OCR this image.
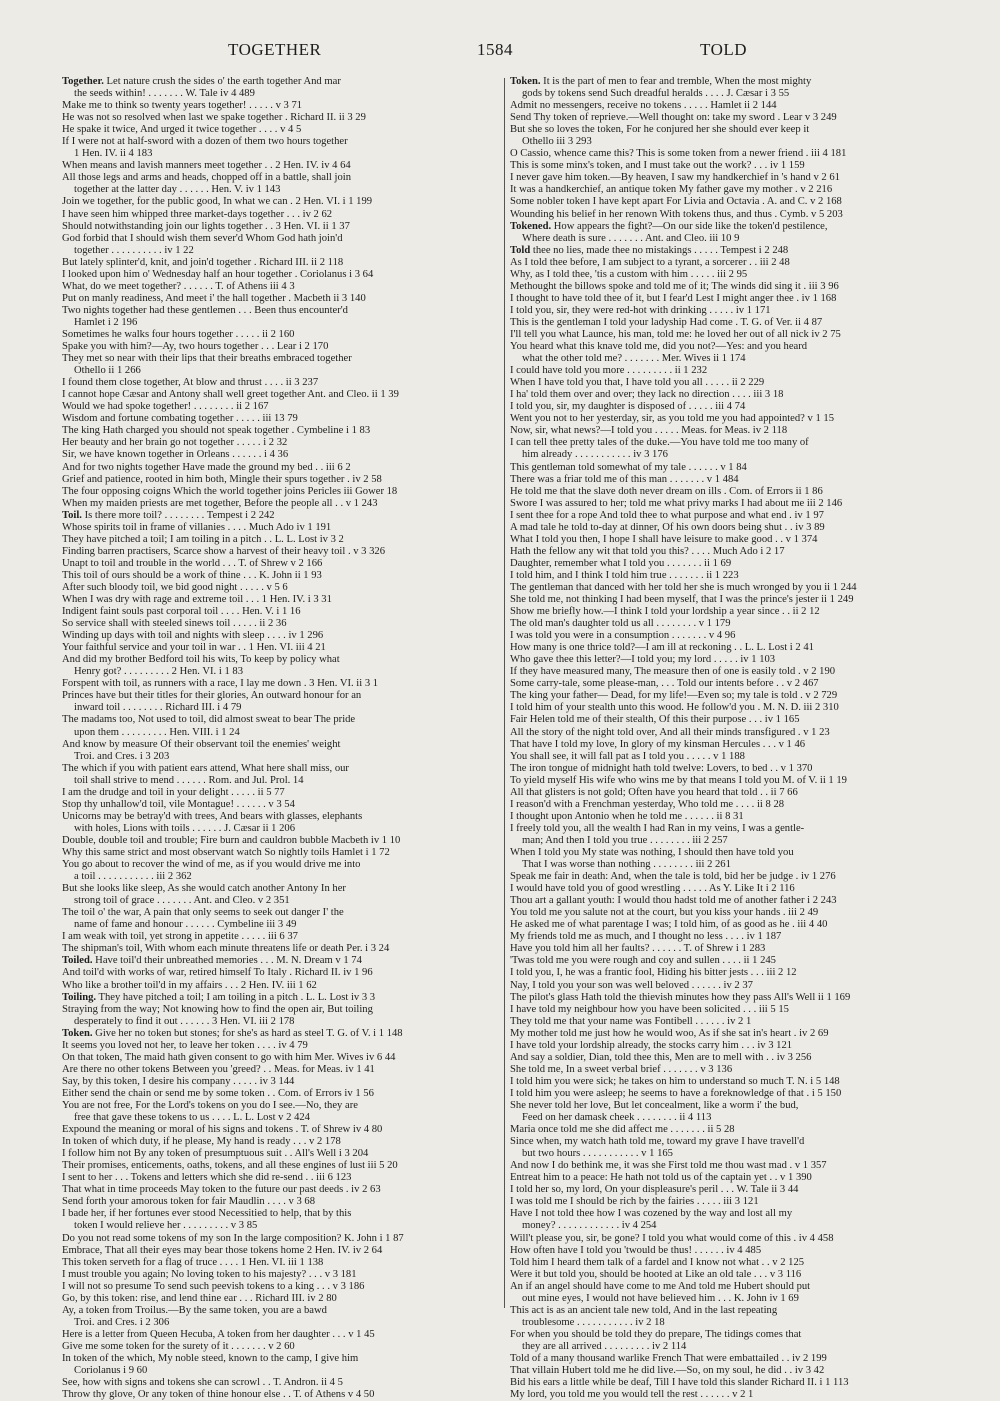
TOGETHER	1584	TOLD
Together. Let nature crush the sides o' the earth together And mar
the seeds within! . . . . . . . W. Tale iv 4 489
Make me to think so twenty years together! . . . . . v 3 71
He was not so resolved when last we spake together . Richard II. ii 3 29
He spake it twice, And urged it twice together . . . . v 4 5
If I were not at half-sword with a dozen of them two hours together
1 Hen. IV. ii 4 183
When means and lavish manners meet together . . 2 Hen. IV. iv 4 64
All those legs and arms and heads, chopped off in a battle, shall join
together at the latter day . . . . . . Hen. V. iv 1 143
Join we together, for the public good, In what we can . 2 Hen. VI. i 1 199
I have seen him whipped three market-days together . . . iv 2 62
Should notwithstanding join our lights together . . 3 Hen. VI. ii 1 37
God forbid that I should wish them sever'd Whom God hath join'd
together . . . . . . . . . . iv 1 22
But lately splinter'd, knit, and join'd together . Richard III. ii 2 118
I looked upon him o' Wednesday half an hour together . Coriolanus i 3 64
What, do we meet together? . . . . . . T. of Athens iii 4 3
Put on manly readiness, And meet i' the hall together . Macbeth ii 3 140
Two nights together had these gentlemen . . . Been thus encounter'd
Hamlet i 2 196
Sometimes he walks four hours together . . . . . ii 2 160
Spake you with him?—Ay, two hours together . . . Lear i 2 170
They met so near with their lips that their breaths embraced together
Othello ii 1 266
I found them close together, At blow and thrust . . . . ii 3 237
I cannot hope Cæsar and Antony shall well greet together Ant. and Cleo. ii 1 39
Would we had spoke together! . . . . . . . . ii 2 167
Wisdom and fortune combating together . . . . . iii 13 79
The king Hath charged you should not speak together . Cymbeline i 1 83
Her beauty and her brain go not together . . . . . i 2 32
Sir, we have known together in Orleans . . . . . . i 4 36
And for two nights together Have made the ground my bed . . iii 6 2
Grief and patience, rooted in him both, Mingle their spurs together . iv 2 58
The four opposing coigns Which the world together joins Pericles iii Gower 18
When my maiden priests are met together, Before the people all . . v 1 243
Toil. Is there more toil? . . . . . . . . Tempest i 2 242
Whose spirits toil in frame of villanies . . . . Much Ado iv 1 191
They have pitched a toil; I am toiling in a pitch . . L. L. Lost iv 3 2
Finding barren practisers, Scarce show a harvest of their heavy toil . v 3 326
Unapt to toil and trouble in the world . . . T. of Shrew v 2 166
This toil of ours should be a work of thine . . . K. John ii 1 93
After such bloody toil, we bid good night . . . . . v 5 6
When I was dry with rage and extreme toil . . . 1 Hen. IV. i 3 31
Indigent faint souls past corporal toil . . . . Hen. V. i 1 16
So service shall with steeled sinews toil . . . . . ii 2 36
Winding up days with toil and nights with sleep . . . . iv 1 296
Your faithful service and your toil in war . . 1 Hen. VI. iii 4 21
And did my brother Bedford toil his wits, To keep by policy what
Henry got? . . . . . . . . . 2 Hen. VI. i 1 83
Forspent with toil, as runners with a race, I lay me down . 3 Hen. VI. ii 3 1
Princes have but their titles for their glories, An outward honour for an
inward toil . . . . . . . . Richard III. i 4 79
The madams too, Not used to toil, did almost sweat to bear The pride
upon them . . . . . . . . . Hen. VIII. i 1 24
And know by measure Of their observant toil the enemies' weight
Troi. and Cres. i 3 203
The which if you with patient ears attend, What here shall miss, our
toil shall strive to mend . . . . . . Rom. and Jul. Prol. 14
I am the drudge and toil in your delight . . . . . ii 5 77
Stop thy unhallow'd toil, vile Montague! . . . . . . v 3 54
Unicorns may be betray'd with trees, And bears with glasses, elephants
with holes, Lions with toils . . . . . . J. Cæsar ii 1 206
Double, double toil and trouble; Fire burn and cauldron bubble Macbeth iv 1 10
Why this same strict and most observant watch So nightly toils Hamlet i 1 72
You go about to recover the wind of me, as if you would drive me into
a toil . . . . . . . . . . . iii 2 362
But she looks like sleep, As she would catch another Antony In her
strong toil of grace . . . . . . . Ant. and Cleo. v 2 351
The toil o' the war, A pain that only seems to seek out danger I' the
name of fame and honour . . . . . . Cymbeline iii 3 49
I am weak with toil, yet strong in appetite . . . . . iii 6 37
The shipman's toil, With whom each minute threatens life or death Per. i 3 24
Toiled. Have toil'd their unbreathed memories . . . M. N. Dream v 1 74
And toil'd with works of war, retired himself To Italy . Richard II. iv 1 96
Who like a brother toil'd in my affairs . . . 2 Hen. IV. iii 1 62
Toiling. They have pitched a toil; I am toiling in a pitch . L. L. Lost iv 3 3
Straying from the way; Not knowing how to find the open air, But toiling
desperately to find it out . . . . . . 3 Hen. VI. iii 2 178
Token. Give her no token but stones; for she's as hard as steel T. G. of V. i 1 148
It seems you loved not her, to leave her token . . . . iv 4 79
On that token, The maid hath given consent to go with him Mer. Wives iv 6 44
Are there no other tokens Between you 'greed? . . Meas. for Meas. iv 1 41
Say, by this token, I desire his company . . . . . iv 3 144
Either send the chain or send me by some token . . Com. of Errors iv 1 56
You are not free, For the Lord's tokens on you do I see.—No, they are
free that gave these tokens to us . . . . L. L. Lost v 2 424
Expound the meaning or moral of his signs and tokens . T. of Shrew iv 4 80
In token of which duty, if he please, My hand is ready . . . v 2 178
I follow him not By any token of presumptuous suit . . All's Well i 3 204
Their promises, enticements, oaths, tokens, and all these engines of lust iii 5 20
I sent to her . . . Tokens and letters which she did re-send . . iii 6 123
That what in time proceeds May token to the future our past deeds . iv 2 63
Send forth your amorous token for fair Maudlin . . . . v 3 68
I bade her, if her fortunes ever stood Necessitied to help, that by this
token I would relieve her . . . . . . . . . v 3 85
Do you not read some tokens of my son In the large composition? K. John i 1 87
Embrace, That all their eyes may bear those tokens home 2 Hen. IV. iv 2 64
This token serveth for a flag of truce . . . . 1 Hen. VI. iii 1 138
I must trouble you again; No loving token to his majesty? . . . v 3 181
I will not so presume To send such peevish tokens to a king . . . v 3 186
Go, by this token: rise, and lend thine ear . . . Richard III. iv 2 80
Ay, a token from Troilus.—By the same token, you are a bawd
Troi. and Cres. i 2 306
Here is a letter from Queen Hecuba, A token from her daughter . . . v 1 45
Give me some token for the surety of it . . . . . . . v 2 60
In token of the which, My noble steed, known to the camp, I give him
Coriolanus i 9 60
See, how with signs and tokens she can scrowl . . T. Andron. ii 4 5
Throw thy glove, Or any token of thine honour else . . T. of Athens v 4 50
Token. It is the part of men to fear and tremble, When the most mighty
gods by tokens send Such dreadful heralds . . . . J. Cæsar i 3 55
Admit no messengers, receive no tokens . . . . . Hamlet ii 2 144
Send Thy token of reprieve.—Well thought on: take my sword . Lear v 3 249
But she so loves the token, For he conjured her she should ever keep it
Othello iii 3 293
O Cassio, whence came this? This is some token from a newer friend . iii 4 181
This is some minx's token, and I must take out the work? . . . iv 1 159
I never gave him token.—By heaven, I saw my handkerchief in 's hand v 2 61
It was a handkerchief, an antique token My father gave my mother . v 2 216
Some nobler token I have kept apart For Livia and Octavia . A. and C. v 2 168
Wounding his belief in her renown With tokens thus, and thus . Cymb. v 5 203
Tokened. How appears the fight?—On our side like the token'd pestilence,
Where death is sure . . . . . . . Ant. and Cleo. iii 10 9
Told thee no lies, made thee no mistakings . . . . . Tempest i 2 248
As I told thee before, I am subject to a tyrant, a sorcerer . . iii 2 48
Why, as I told thee, 'tis a custom with him . . . . . iii 2 95
Methought the billows spoke and told me of it; The winds did sing it . iii 3 96
I thought to have told thee of it, but I fear'd Lest I might anger thee . iv 1 168
I told you, sir, they were red-hot with drinking . . . . . iv 1 171
This is the gentleman I told your ladyship Had come . T. G. of Ver. ii 4 87
I'll tell you what Launce, his man, told me: he loved her out of all nick iv 2 75
You heard what this knave told me, did you not?—Yes: and you heard
what the other told me? . . . . . . . Mer. Wives ii 1 174
I could have told you more . . . . . . . . . ii 1 232
When I have told you that, I have told you all . . . . . ii 2 229
I ha' told them over and over; they lack no direction . . . . iii 3 18
I told you, sir, my daughter is disposed of . . . . . iii 4 74
Went you not to her yesterday, sir, as you told me you had appointed? v 1 15
Now, sir, what news?—I told you . . . . . Meas. for Meas. iv 2 118
I can tell thee pretty tales of the duke.—You have told me too many of
him already . . . . . . . . . . . iv 3 176
This gentleman told somewhat of my tale . . . . . . v 1 84
There was a friar told me of this man . . . . . . . v 1 484
He told me that the slave doth never dream on ills . Com. of Errors ii 1 86
Swore I was assured to her; told me what privy marks I had about me iii 2 146
I sent thee for a rope And told thee to what purpose and what end . iv 1 97
A mad tale he told to-day at dinner, Of his own doors being shut . . iv 3 89
What I told you then, I hope I shall have leisure to make good . . v 1 374
Hath the fellow any wit that told you this? . . . . Much Ado i 2 17
Daughter, remember what I told you . . . . . . . ii 1 69
I told him, and I think I told him true . . . . . . . ii 1 223
The gentleman that danced with her told her she is much wronged by you ii 1 244
She told me, not thinking I had been myself, that I was the prince's jester ii 1 249
Show me briefly how.—I think I told your lordship a year since . . ii 2 12
The old man's daughter told us all . . . . . . . . v 1 179
I was told you were in a consumption . . . . . . . v 4 96
How many is one thrice told?—I am ill at reckoning . . L. L. Lost i 2 41
Who gave thee this letter?—I told you; my lord . . . . . iv 1 103
If they have measured many, The measure then of one is easily told . v 2 190
Some carry-tale, some please-man, . . . Told our intents before . . v 2 467
The king your father— Dead, for my life!—Even so; my tale is told . v 2 729
I told him of your stealth unto this wood. He follow'd you . M. N. D. iii 2 310
Fair Helen told me of their stealth, Of this their purpose . . . iv 1 165
All the story of the night told over, And all their minds transfigured . v 1 23
That have I told my love, In glory of my kinsman Hercules . . . v 1 46
You shall see, it will fall pat as I told you . . . . . v 1 188
The iron tongue of midnight hath told twelve: Lovers, to bed . . v 1 370
To yield myself His wife who wins me by that means I told you M. of V. ii 1 19
All that glisters is not gold; Often have you heard that told . . ii 7 66
I reason'd with a Frenchman yesterday, Who told me . . . . ii 8 28
I thought upon Antonio when he told me . . . . . . ii 8 31
I freely told you, all the wealth I had Ran in my veins, I was a gentle-
man; And then I told you true . . . . . . . . iii 2 257
When I told you My state was nothing, I should then have told you
That I was worse than nothing . . . . . . . . iii 2 261
Speak me fair in death: And, when the tale is told, bid her be judge . iv 1 276
I would have told you of good wrestling . . . . . As Y. Like It i 2 116
Thou art a gallant youth: I would thou hadst told me of another father i 2 243
You told me you salute not at the court, but you kiss your hands . iii 2 49
He asked me of what parentage I was; I told him, of as good as he . iii 4 40
My friends told me as much, and I thought no less . . . . iv 1 187
Have you told him all her faults? . . . . . . T. of Shrew i 1 283
'Twas told me you were rough and coy and sullen . . . . ii 1 245
I told you, I, he was a frantic fool, Hiding his bitter jests . . . iii 2 12
Nay, I told you your son was well beloved . . . . . . iv 2 37
The pilot's glass Hath told the thievish minutes how they pass All's Well ii 1 169
I have told my neighbour how you have been solicited . . . iii 5 15
They told me that your name was Fontibell . . . . . . iv 2 1
My mother told me just how he would woo, As if she sat in's heart . iv 2 69
I have told your lordship already, the stocks carry him . . . iv 3 121
And say a soldier, Dian, told thee this, Men are to mell with . . iv 3 256
She told me, In a sweet verbal brief . . . . . . . v 3 136
I told him you were sick; he takes on him to understand so much T. N. i 5 148
I told him you were asleep; he seems to have a foreknowledge of that . i 5 150
She never told her love, But let concealment, like a worm i' the bud,
Feed on her damask cheek . . . . . . . . ii 4 113
Maria once told me she did affect me . . . . . . . ii 5 28
Since when, my watch hath told me, toward my grave I have travell'd
but two hours . . . . . . . . . . . v 1 165
And now I do bethink me, it was she First told me thou wast mad . v 1 357
Entreat him to a peace: He hath not told us of the captain yet . . v 1 390
I told her so, my lord, On your displeasure's peril . . . W. Tale ii 3 44
I was told me I should be rich by the fairies . . . . . iii 3 121
Have I not told thee how I was cozened by the way and lost all my
money? . . . . . . . . . . . . iv 4 254
Will't please you, sir, be gone? I told you what would come of this . iv 4 458
How often have I told you 'twould be thus! . . . . . . iv 4 485
Told him I heard them talk of a fardel and I know not what . . v 2 125
Were it but told you, should be hooted at Like an old tale . . . v 3 116
An if an angel should have come to me And told me Hubert should put
out mine eyes, I would not have believed him . . . K. John iv 1 69
This act is as an ancient tale new told, And in the last repeating
troublesome . . . . . . . . . . . iv 2 18
For when you should be told they do prepare, The tidings comes that
they are all arrived . . . . . . . . . iv 2 114
Told of a many thousand warlike French That were embattailed . . iv 2 199
That villain Hubert told me he did live.—So, on my soul, he did . . iv 3 42
Bid his ears a little while be deaf, Till I have told this slander Richard II. i 1 113
My lord, you told me you would tell the rest . . . . . . v 2 1
